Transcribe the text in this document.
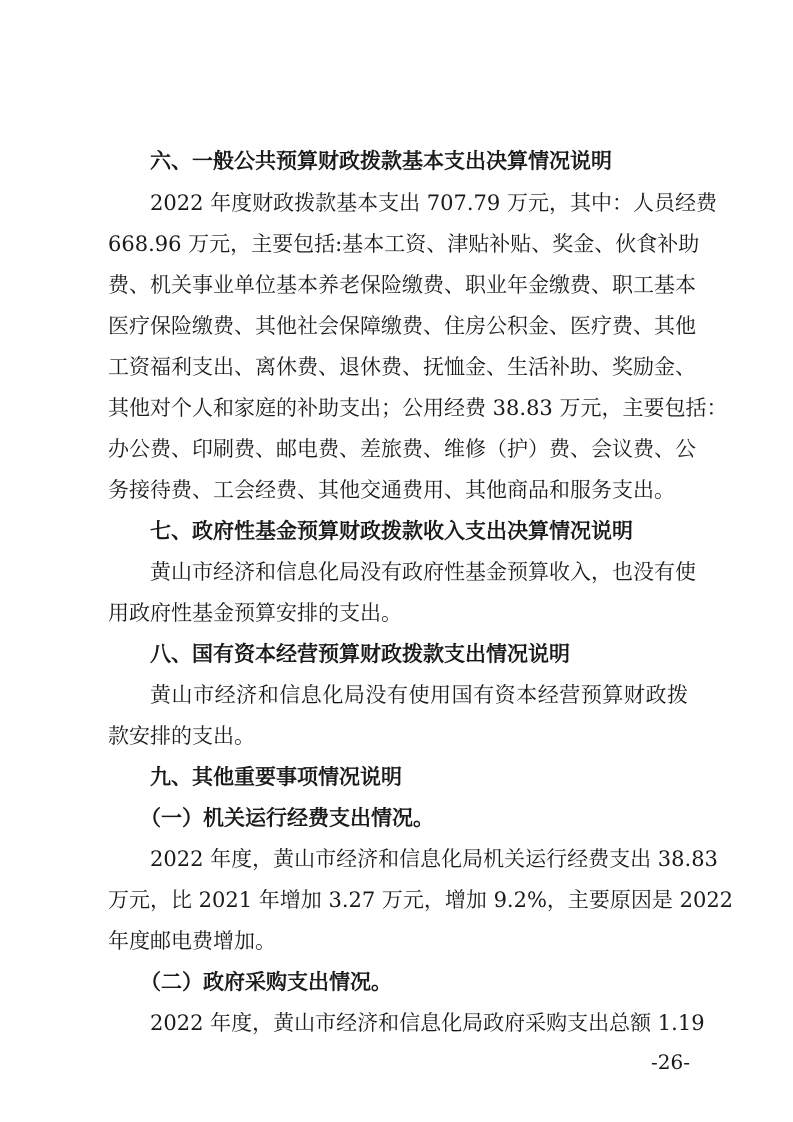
六、一般公共预算财政拨款基本支出决算情况说明
2022 年度财政拨款基本支出 707.79 万元，其中：人员经费
668.96 万元，主要包括:基本工资、津贴补贴、奖金、伙食补助
费、机关事业单位基本养老保险缴费、职业年金缴费、职工基本
医疗保险缴费、其他社会保障缴费、住房公积金、医疗费、其他
工资福利支出、离休费、退休费、抚恤金、生活补助、奖励金、
其他对个人和家庭的补助支出；公用经费 38.83 万元，主要包括：
办公费、印刷费、邮电费、差旅费、维修（护）费、会议费、公
务接待费、工会经费、其他交通费用、其他商品和服务支出。
七、政府性基金预算财政拨款收入支出决算情况说明
黄山市经济和信息化局没有政府性基金预算收入，也没有使
用政府性基金预算安排的支出。
八、国有资本经营预算财政拨款支出情况说明
黄山市经济和信息化局没有使用国有资本经营预算财政拨
款安排的支出。
九、其他重要事项情况说明
（一）机关运行经费支出情况。
2022 年度，黄山市经济和信息化局机关运行经费支出 38.83
万元，比 2021 年增加 3.27 万元，增加 9.2%，主要原因是 2022
年度邮电费增加。
（二）政府采购支出情况。
2022 年度，黄山市经济和信息化局政府采购支出总额 1.19
-26-
